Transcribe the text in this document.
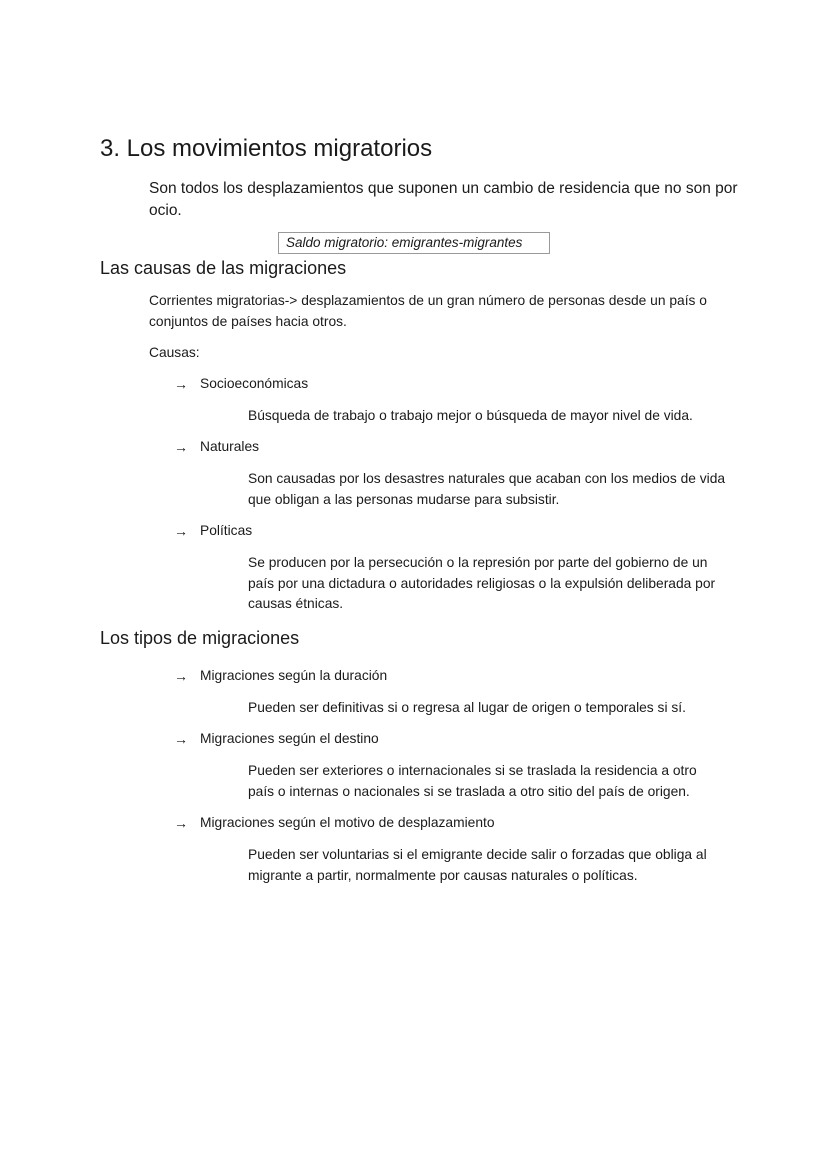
3. Los movimientos migratorios

Son todos los desplazamientos que suponen un cambio de residencia que no son por ocio.

Saldo migratorio: emigrantes-migrantes
Las causas de las migraciones

Corrientes migratorias-> desplazamientos de un gran número de personas desde un país o conjuntos de países hacia otros.

Causas:

→ Socioeconómicas

Búsqueda de trabajo o trabajo mejor o búsqueda de mayor nivel de vida.

→ Naturales

Son causadas por los desastres naturales que acaban con los medios de vida que obligan a las personas mudarse para subsistir.

→ Políticas

Se producen por la persecución o la represión por parte del gobierno de un país por una dictadura o autoridades religiosas o la expulsión deliberada por causas étnicas.

Los tipos de migraciones
→ Migraciones según la duración

Pueden ser definitivas si o regresa al lugar de origen o temporales si sí.

→ Migraciones según el destino

Pueden ser exteriores o internacionales si se traslada la residencia a otro país o internas o nacionales si se traslada a otro sitio del país de origen.

→ Migraciones según el motivo de desplazamiento

Pueden ser voluntarias si el emigrante decide salir o forzadas que obliga al migrante a partir, normalmente por causas naturales o políticas.
